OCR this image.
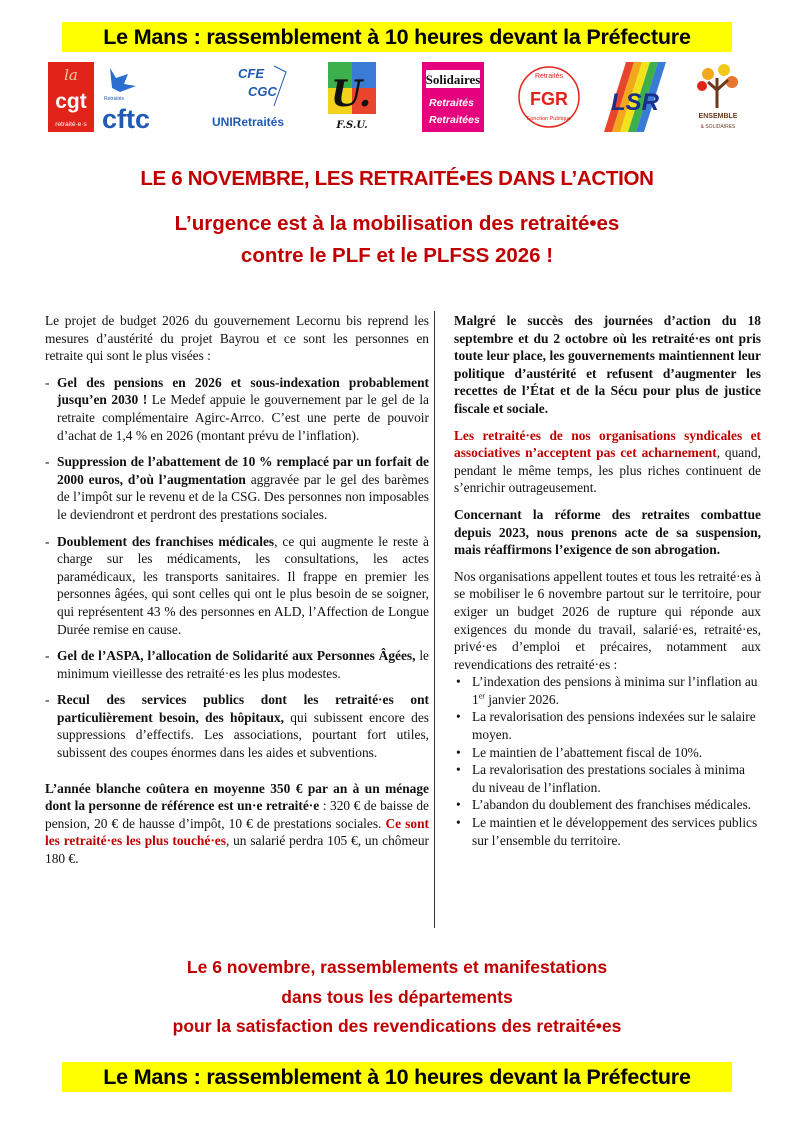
Le Mans : rassemblement à 10 heures devant la Préfecture
la
cgt
retraité·e·s
Retraités
cftc
CFE
CGC
UNIRetraités
U.
F.S.U.
Solidaires
Retraités
Retraitées
Retraités
FGR
Fonction Publique
LSR
ENSEMBLE
& SOLIDAIRES
LE 6 NOVEMBRE, LES RETRAITÉ•ES DANS L’ACTION
L’urgence est à la mobilisation des retraité•es
contre le PLF et le PLFSS 2026 !

Le projet de budget 2026 du gouvernement Lecornu bis reprend les mesures d’austérité du projet Bayrou et ce sont les personnes en retraite qui sont le plus visées :

- Gel des pensions en 2026 et sous-indexation probablement jusqu’en 2030 ! Le Medef appuie le gouvernement par le gel de la retraite complémentaire Agirc-Arrco. C’est une perte de pouvoir d’achat de 1,4 % en 2026 (montant prévu de l’inflation).
- Suppression de l’abattement de 10 % remplacé par un forfait de 2000 euros, d’où l’augmentation aggravée par le gel des barèmes de l’impôt sur le revenu et de la CSG. Des personnes non imposables le deviendront et perdront des prestations sociales.
- Doublement des franchises médicales, ce qui augmente le reste à charge sur les médicaments, les consultations, les actes paramédicaux, les transports sanitaires. Il frappe en premier les personnes âgées, qui sont celles qui ont le plus besoin de se soigner, qui représentent 43 % des personnes en ALD, l’Affection de Longue Durée remise en cause.
- Gel de l’ASPA, l’allocation de Solidarité aux Personnes Âgées, le minimum vieillesse des retraité·es les plus modestes.
- Recul des services publics dont les retraité·es ont particulièrement besoin, des hôpitaux, qui subissent encore des suppressions d’effectifs. Les associations, pourtant fort utiles, subissent des coupes énormes dans les aides et subventions.

L’année blanche coûtera en moyenne 350 € par an à un ménage dont la personne de référence est un·e retraité·e : 320 € de baisse de pension, 20 € de hausse d’impôt, 10 € de prestations sociales. Ce sont les retraité·es les plus touché·es, un salarié perdra 105 €, un chômeur 180 €.

Malgré le succès des journées d’action du 18 septembre et du 2 octobre où les retraité·es ont pris toute leur place, les gouvernements maintiennent leur politique d’austérité et refusent d’augmenter les recettes de l’État et de la Sécu pour plus de justice fiscale et sociale.

Les retraité·es de nos organisations syndicales et associatives n’acceptent pas cet acharnement, quand, pendant le même temps, les plus riches continuent de s’enrichir outrageusement.

Concernant la réforme des retraites combattue depuis 2023, nous prenons acte de sa suspension, mais réaffirmons l’exigence de son abrogation.

Nos organisations appellent toutes et tous les retraité·es à se mobiliser le 6 novembre partout sur le territoire, pour exiger un budget 2026 de rupture qui réponde aux exigences du monde du travail, salarié·es, retraité·es, privé·es d’emploi et précaires, notamment aux revendications des retraité·es :

• L’indexation des pensions à minima sur l’inflation au 1er janvier 2026.
• La revalorisation des pensions indexées sur le salaire moyen.
• Le maintien de l’abattement fiscal de 10%.
• La revalorisation des prestations sociales à minima du niveau de l’inflation.
• L’abandon du doublement des franchises médicales.
• Le maintien et le développement des services publics sur l’ensemble du territoire.
Le 6 novembre, rassemblements et manifestations
dans tous les départements
pour la satisfaction des revendications des retraité•es
Le Mans : rassemblement à 10 heures devant la Préfecture
